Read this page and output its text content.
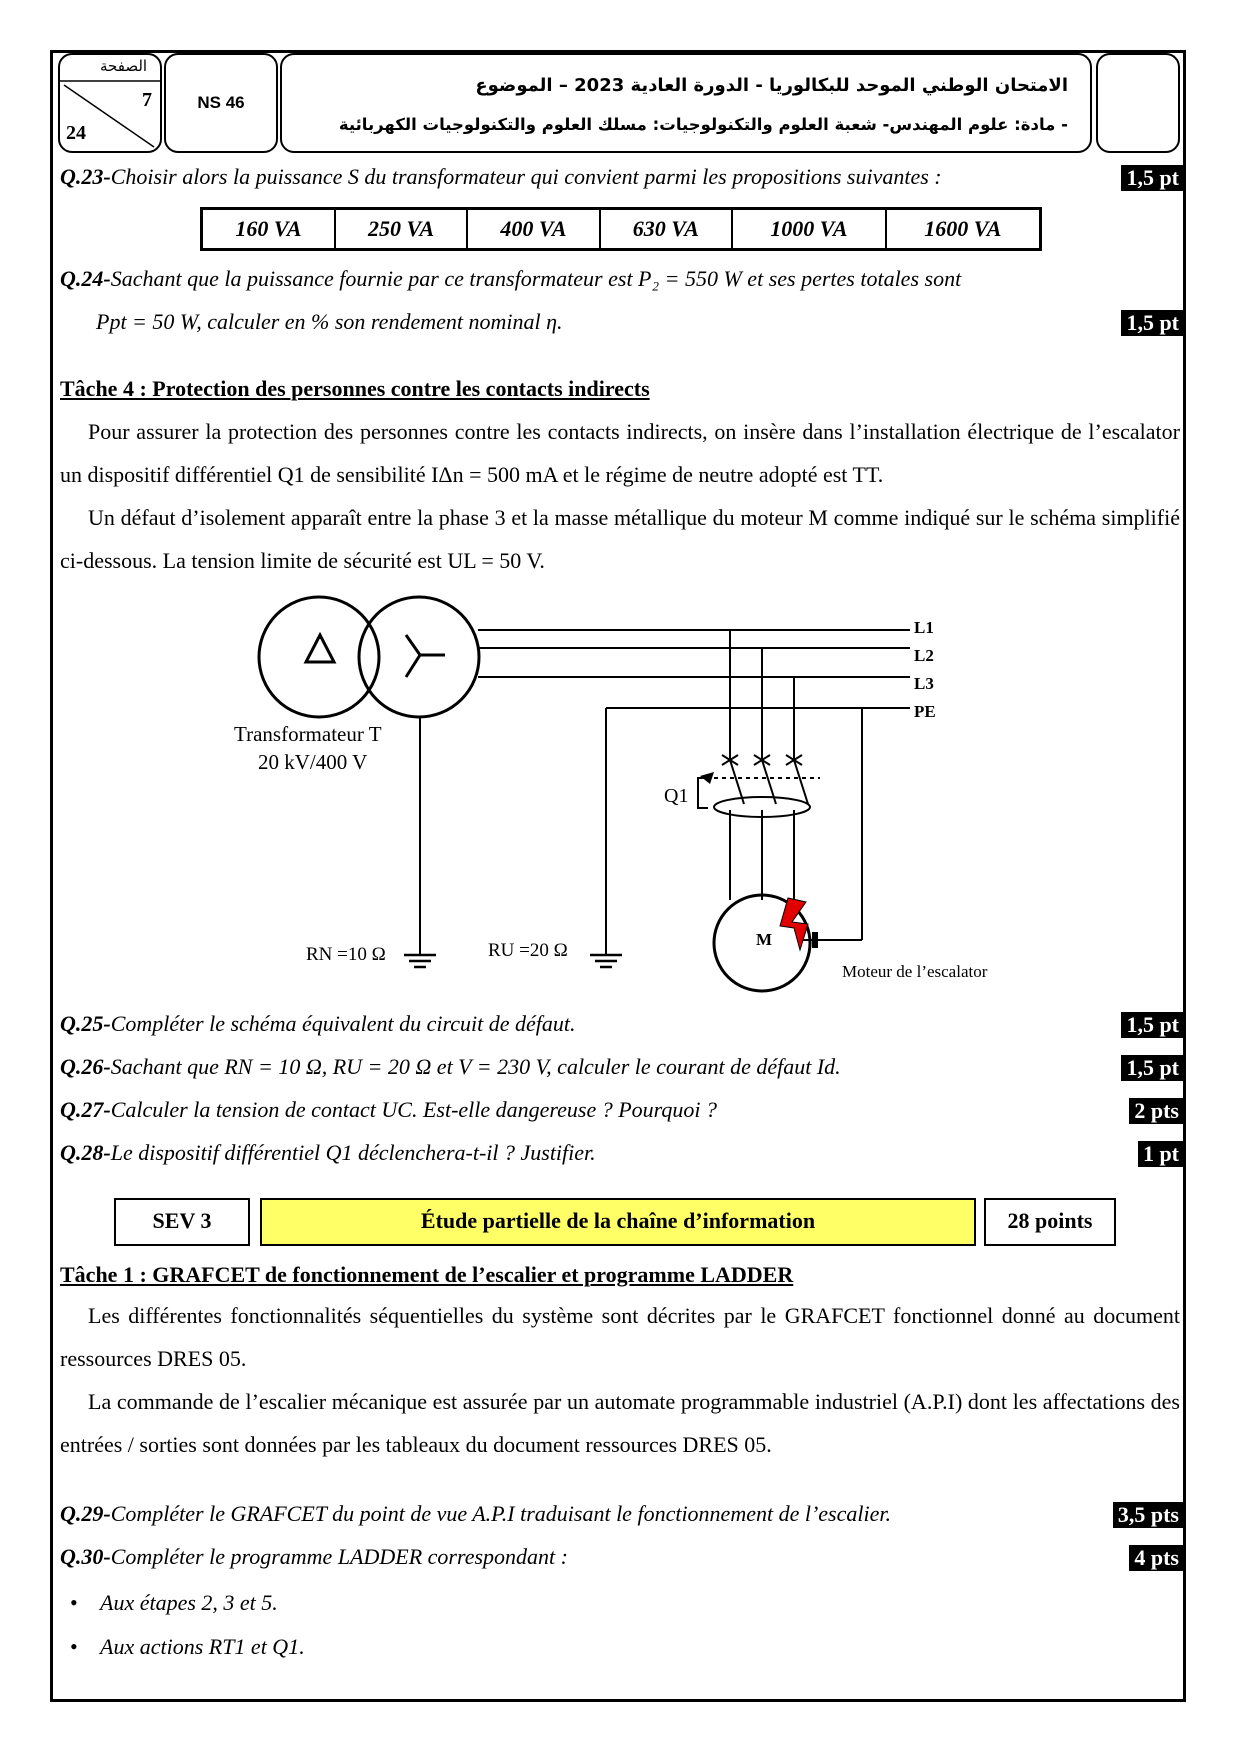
الصفحة
7
24
NS 46
الامتحان الوطني الموحد للبكالوريا - الدورة العادية 2023 – الموضوع
- مادة: علوم المهندس- شعبة العلوم والتكنولوجيات: مسلك العلوم والتكنولوجيات الكهربائية
Q.23-Choisir alors la puissance S du transformateur qui convient parmi les propositions suivantes :	1,5 pt
160 VA	250 VA	400 VA	630 VA	1000 VA	1600 VA
Q.24-Sachant que la puissance fournie par ce transformateur est P₂ = 550 W et ses pertes totales sont
Ppt = 50 W, calculer en % son rendement nominal η.	1,5 pt
Tâche 4 : Protection des personnes contre les contacts indirects
Pour assurer la protection des personnes contre les contacts indirects, on insère dans l’installation électrique de l’escalator un dispositif différentiel Q1 de sensibilité IΔn = 500 mA et le régime de neutre adopté est TT.
Un défaut d’isolement apparaît entre la phase 3 et la masse métallique du moteur M comme indiqué sur le schéma simplifié ci-dessous. La tension limite de sécurité est UL = 50 V.
Transformateur T
20 kV/400 V
L1
L2
L3
PE
Q1
RN =10 Ω	RU =20 Ω
M
Moteur de l’escalator
Q.25-Compléter le schéma équivalent du circuit de défaut.	1,5 pt
Q.26-Sachant que RN = 10 Ω, RU = 20 Ω et V = 230 V, calculer le courant de défaut Id.	1,5 pt
Q.27-Calculer la tension de contact UC. Est-elle dangereuse ? Pourquoi ?	2 pts
Q.28-Le dispositif différentiel Q1 déclenchera-t-il ? Justifier.	1 pt
SEV 3	Étude partielle de la chaîne d’information	28 points
Tâche 1 : GRAFCET de fonctionnement de l’escalier et programme LADDER
Les différentes fonctionnalités séquentielles du système sont décrites par le GRAFCET fonctionnel donné au document ressources DRES 05.
La commande de l’escalier mécanique est assurée par un automate programmable industriel (A.P.I) dont les affectations des entrées / sorties sont données par les tableaux du document ressources DRES 05.
Q.29-Compléter le GRAFCET du point de vue A.P.I traduisant le fonctionnement de l’escalier.	3,5 pts
Q.30-Compléter le programme LADDER correspondant :	4 pts
• Aux étapes 2, 3 et 5.
• Aux actions RT1 et Q1.
